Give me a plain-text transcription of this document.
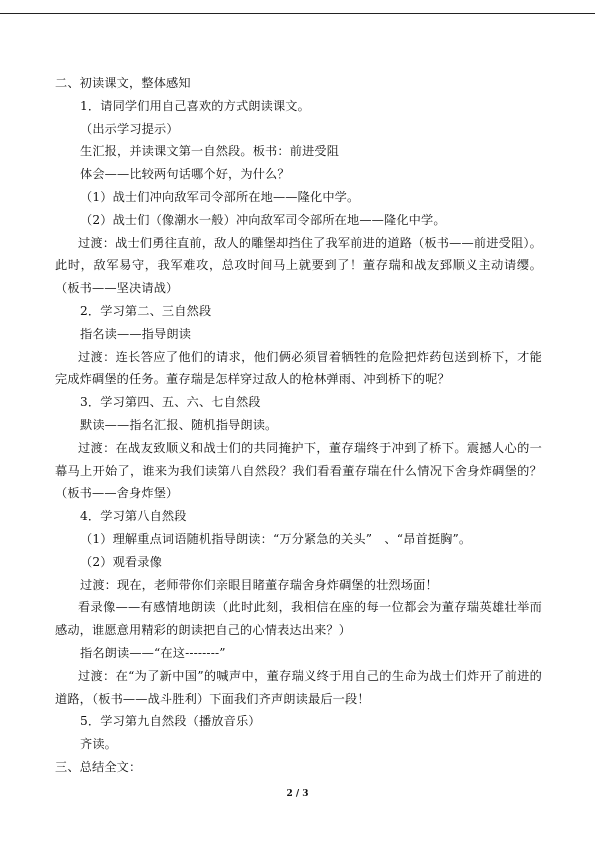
二、初读课文，整体感知

1．请同学们用自己喜欢的方式朗读课文。

（出示学习提示）

生汇报，并读课文第一自然段。板书：前进受阻

体会——比较两句话哪个好，为什么？

（1）战士们冲向敌军司令部所在地——隆化中学。

（2）战士们（像潮水一般）冲向敌军司令部所在地——隆化中学。

过渡：战士们勇往直前，敌人的雕堡却挡住了我军前进的道路（板书——前进受阻）。此时，敌军易守，我军难攻，总攻时间马上就要到了！董存瑞和战友郅顺义主动请缨。（板书——坚决请战）

2．学习第二、三自然段

指名读——指导朗读

过渡：连长答应了他们的请求，他们俩必须冒着牺牲的危险把炸药包送到桥下，才能完成炸碉堡的任务。董存瑞是怎样穿过敌人的枪林弹雨、冲到桥下的呢？

3．学习第四、五、六、七自然段

默读——指名汇报、随机指导朗读。

过渡：在战友致顺义和战士们的共同掩护下，董存瑞终于冲到了桥下。震撼人心的一幕马上开始了，谁来为我们读第八自然段？我们看看董存瑞在什么情况下舍身炸碉堡的？（板书——舍身炸堡）

4．学习第八自然段

（1）理解重点词语随机指导朗读：“万分紧急的关头”　、“昂首挺胸”。

（2）观看录像

过渡：现在，老师带你们亲眼目睹董存瑞舍身炸碉堡的壮烈场面！

看录像——有感情地朗读（此时此刻，我相信在座的每一位都会为董存瑞英雄壮举而感动，谁愿意用精彩的朗读把自己的心情表达出来？）

指名朗读——“在这--------”

过渡：在“为了新中国”的喊声中，董存瑞义终于用自己的生命为战士们炸开了前进的道路，（板书——战斗胜利）下面我们齐声朗读最后一段！

5．学习第九自然段（播放音乐）

齐读。

三、总结全文：

2 / 3
